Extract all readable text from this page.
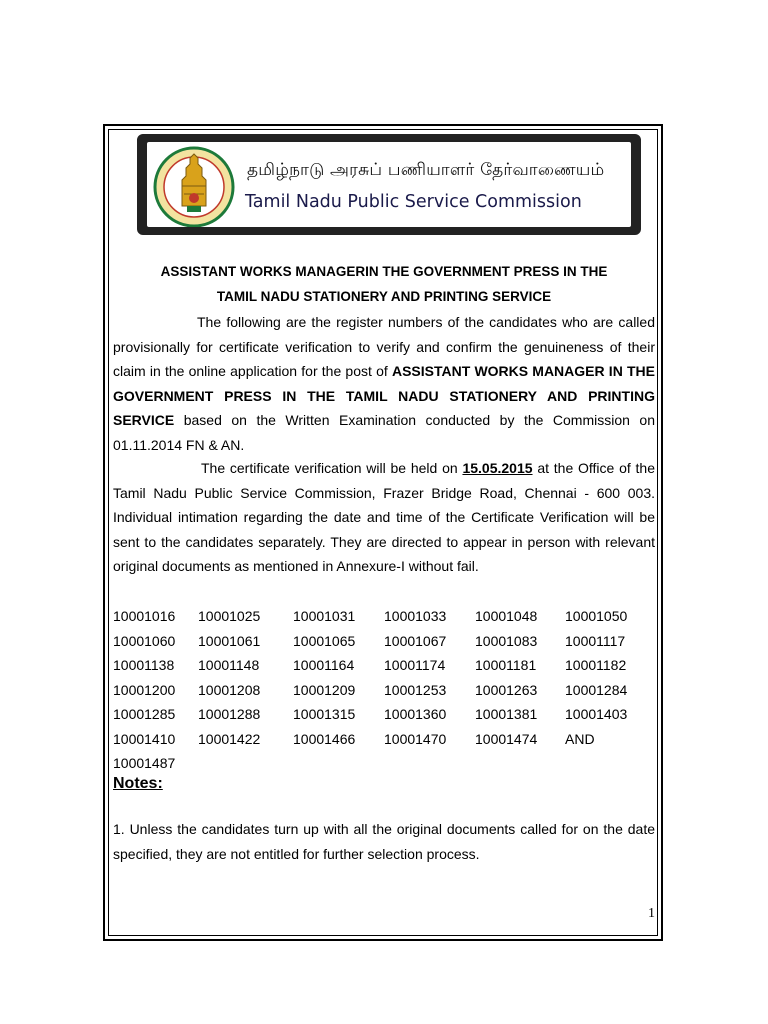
தமிழ்நாடு அரசுப் பணியாளர் தேர்வாணையம்
Tamil Nadu Public Service Commission
ASSISTANT WORKS MANAGERIN THE GOVERNMENT PRESS IN THE
TAMIL NADU STATIONERY AND PRINTING SERVICE
The following are the register numbers of the candidates who are called provisionally for certificate verification to verify and confirm the genuineness of their claim in the online application for the post of ASSISTANT WORKS MANAGER IN THE GOVERNMENT PRESS IN THE TAMIL NADU STATIONERY AND PRINTING SERVICE based on the Written Examination conducted by the Commission on 01.11.2014 FN & AN.
The certificate verification will be held on 15.05.2015 at the Office of the Tamil Nadu Public Service Commission, Frazer Bridge Road, Chennai - 600 003. Individual intimation regarding the date and time of the Certificate Verification will be sent to the candidates separately. They are directed to appear in person with relevant original documents as mentioned in Annexure-I without fail.
10001016 10001025 10001031 10001033 10001048 10001050
10001060 10001061 10001065 10001067 10001083 10001117
10001138 10001148 10001164 10001174 10001181 10001182
10001200 10001208 10001209 10001253 10001263 10001284
10001285 10001288 10001315 10001360 10001381 10001403
10001410 10001422 10001466 10001470 10001474 AND
10001487
Notes:
1. Unless the candidates turn up with all the original documents called for on the date specified, they are not entitled for further selection process.
1
